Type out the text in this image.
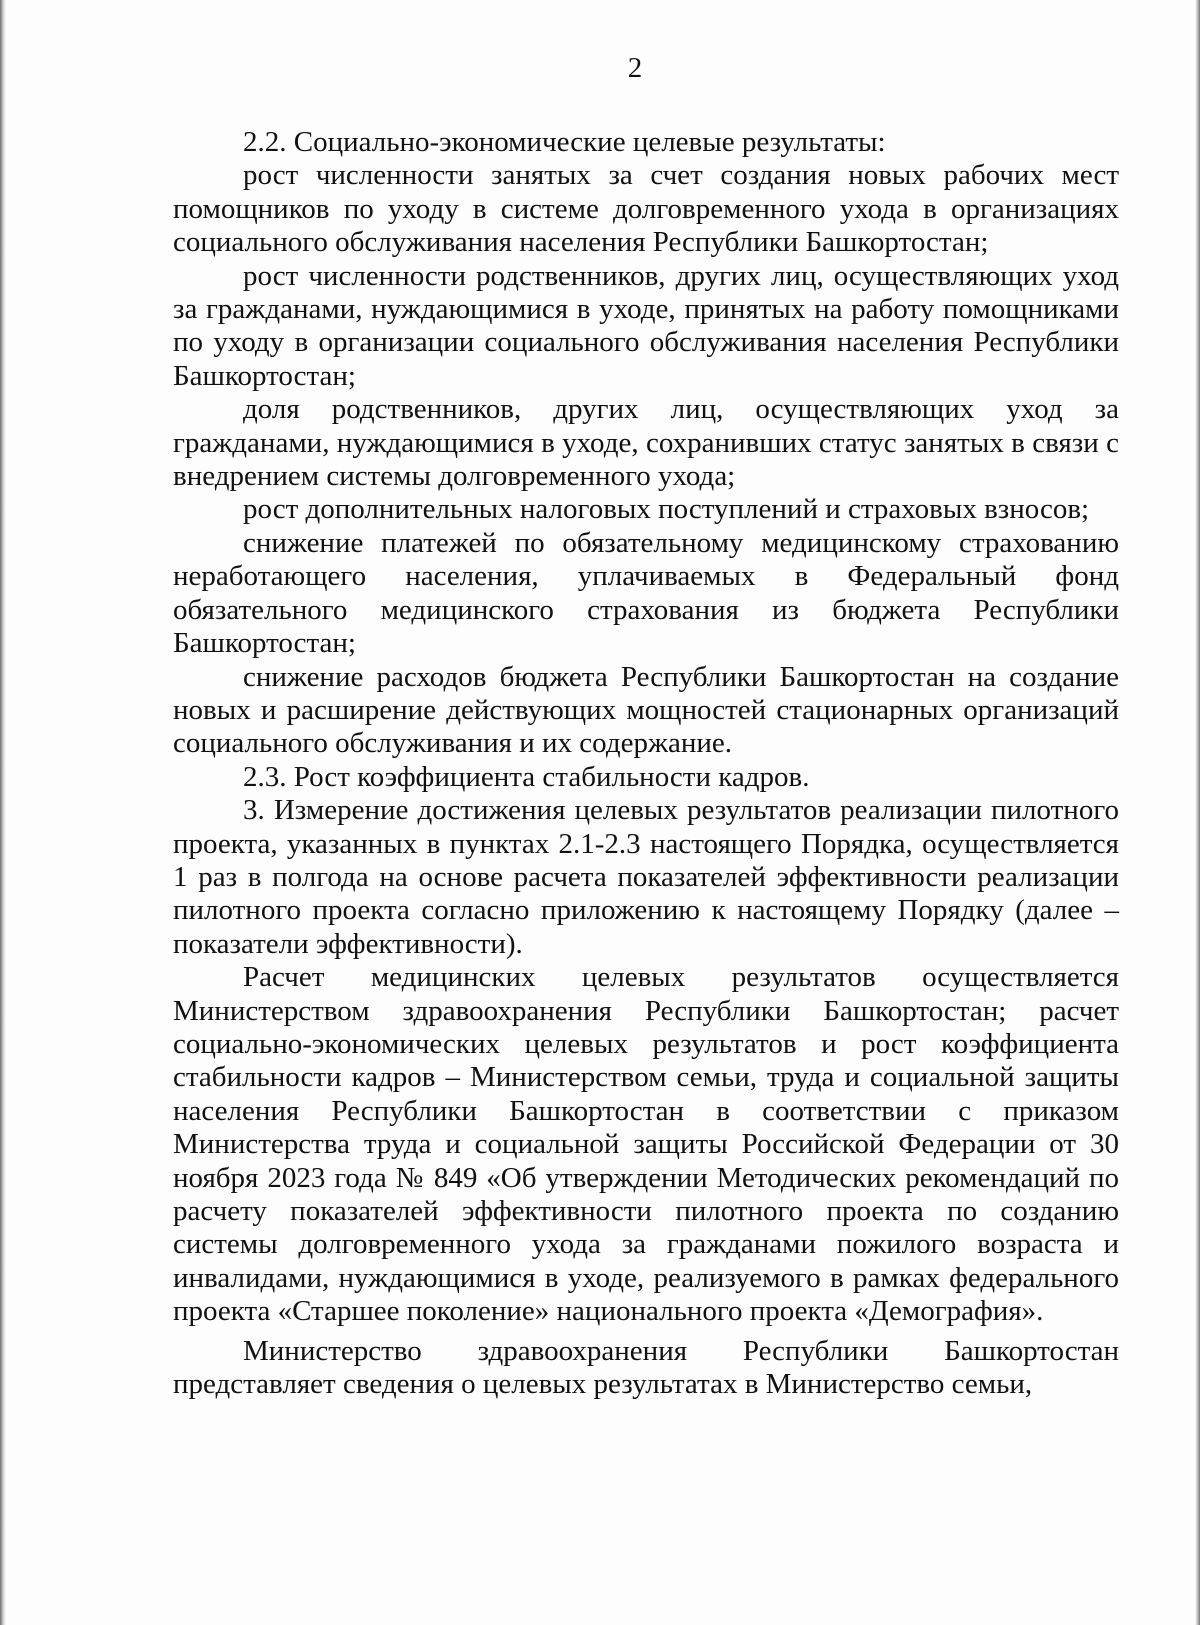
2

2.2. Социально-экономические целевые результаты:

рост численности занятых за счет создания новых рабочих мест помощников по уходу в системе долговременного ухода в организациях социального обслуживания населения Республики Башкортостан;

рост численности родственников, других лиц, осуществляющих уход за гражданами, нуждающимися в уходе, принятых на работу помощниками по уходу в организации социального обслуживания населения Республики Башкортостан;

доля родственников, других лиц, осуществляющих уход за гражданами, нуждающимися в уходе, сохранивших статус занятых в связи с внедрением системы долговременного ухода;

рост дополнительных налоговых поступлений и страховых взносов;

снижение платежей по обязательному медицинскому страхованию неработающего населения, уплачиваемых в Федеральный фонд обязательного медицинского страхования из бюджета Республики Башкортостан;

снижение расходов бюджета Республики Башкортостан на создание новых и расширение действующих мощностей стационарных организаций социального обслуживания и их содержание.

2.3. Рост коэффициента стабильности кадров.

3. Измерение достижения целевых результатов реализации пилотного проекта, указанных в пунктах 2.1-2.3 настоящего Порядка, осуществляется 1 раз в полгода на основе расчета показателей эффективности реализации пилотного проекта согласно приложению к настоящему Порядку (далее – показатели эффективности).

Расчет медицинских целевых результатов осуществляется Министерством здравоохранения Республики Башкортостан; расчет социально-экономических целевых результатов и рост коэффициента стабильности кадров – Министерством семьи, труда и социальной защиты населения Республики Башкортостан в соответствии с приказом Министерства труда и социальной защиты Российской Федерации от 30 ноября 2023 года № 849 «Об утверждении Методических рекомендаций по расчету показателей эффективности пилотного проекта по созданию системы долговременного ухода за гражданами пожилого возраста и инвалидами, нуждающимися в уходе, реализуемого в рамках федерального проекта «Старшее поколение» национального проекта «Демография».

Министерство здравоохранения Республики Башкортостан представляет сведения о целевых результатах в Министерство семьи,
